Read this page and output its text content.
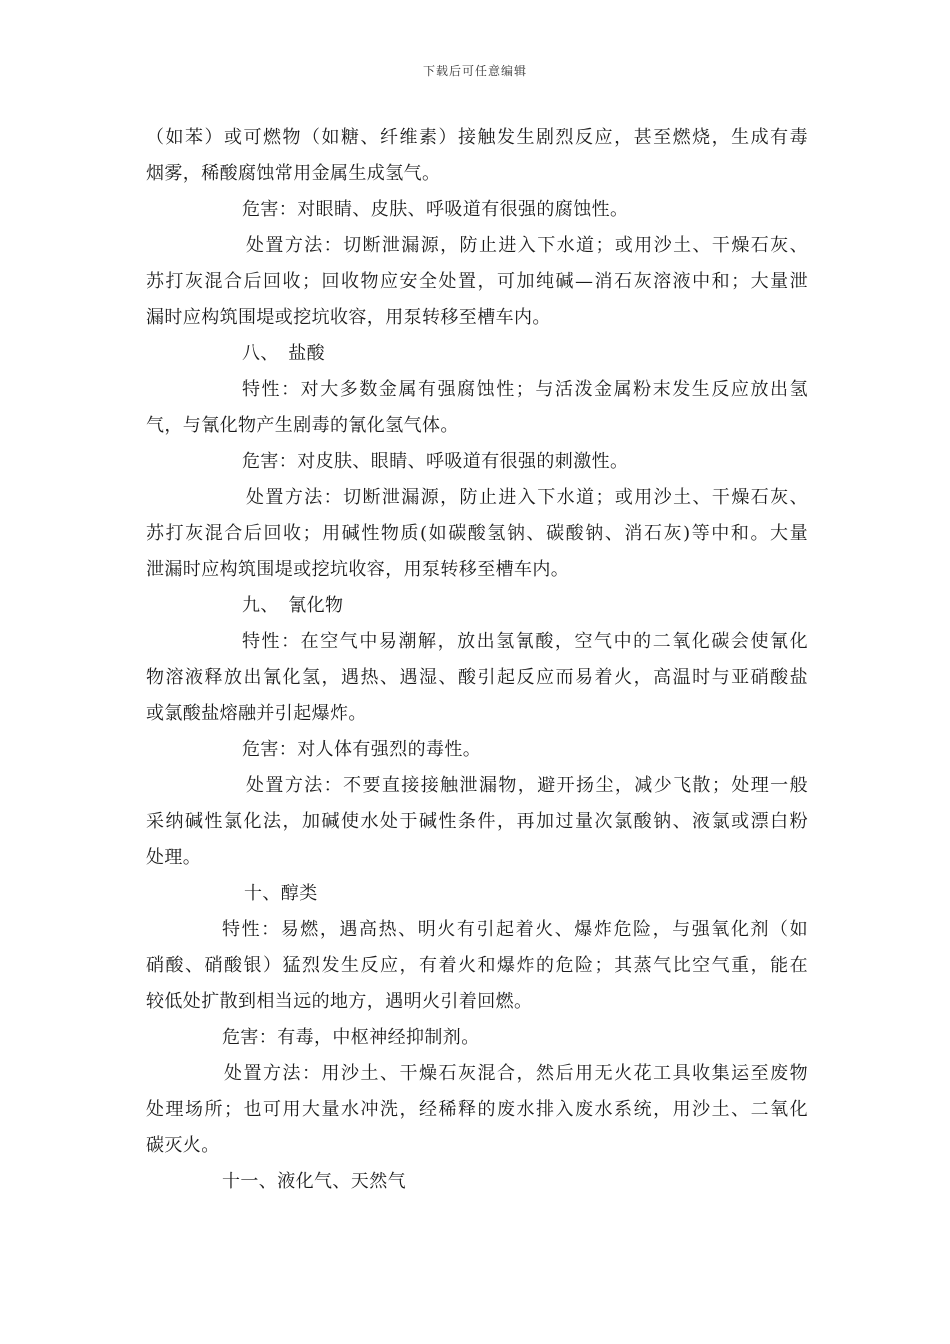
下载后可任意编辑
（如苯）或可燃物（如糖、纤维素）接触发生剧烈反应，甚至燃烧，生成有毒
烟雾，稀酸腐蚀常用金属生成氢气。
危害：对眼睛、皮肤、呼吸道有很强的腐蚀性。
处置方法：切断泄漏源，防止进入下水道；或用沙土、干燥石灰、
苏打灰混合后回收；回收物应安全处置，可加纯碱—消石灰溶液中和；大量泄
漏时应构筑围堤或挖坑收容，用泵转移至槽车内。
八、　盐酸
特性：对大多数金属有强腐蚀性；与活泼金属粉末发生反应放出氢
气，与氰化物产生剧毒的氰化氢气体。
危害：对皮肤、眼睛、呼吸道有很强的刺激性。
处置方法：切断泄漏源，防止进入下水道；或用沙土、干燥石灰、
苏打灰混合后回收；用碱性物质(如碳酸氢钠、碳酸钠、消石灰)等中和。大量
泄漏时应构筑围堤或挖坑收容，用泵转移至槽车内。
九、　氰化物
特性：在空气中易潮解，放出氢氰酸，空气中的二氧化碳会使氰化
物溶液释放出氰化氢，遇热、遇湿、酸引起反应而易着火，高温时与亚硝酸盐
或氯酸盐熔融并引起爆炸。
危害：对人体有强烈的毒性。
处置方法：不要直接接触泄漏物，避开扬尘，减少飞散；处理一般
采纳碱性氯化法，加碱使水处于碱性条件，再加过量次氯酸钠、液氯或漂白粉
处理。
十、醇类
特性：易燃，遇高热、明火有引起着火、爆炸危险，与强氧化剂（如
硝酸、硝酸银）猛烈发生反应，有着火和爆炸的危险；其蒸气比空气重，能在
较低处扩散到相当远的地方，遇明火引着回燃。
危害：有毒，中枢神经抑制剂。
处置方法：用沙土、干燥石灰混合，然后用无火花工具收集运至废物
处理场所；也可用大量水冲洗，经稀释的废水排入废水系统，用沙土、二氧化
碳灭火。
十一、液化气、天然气
